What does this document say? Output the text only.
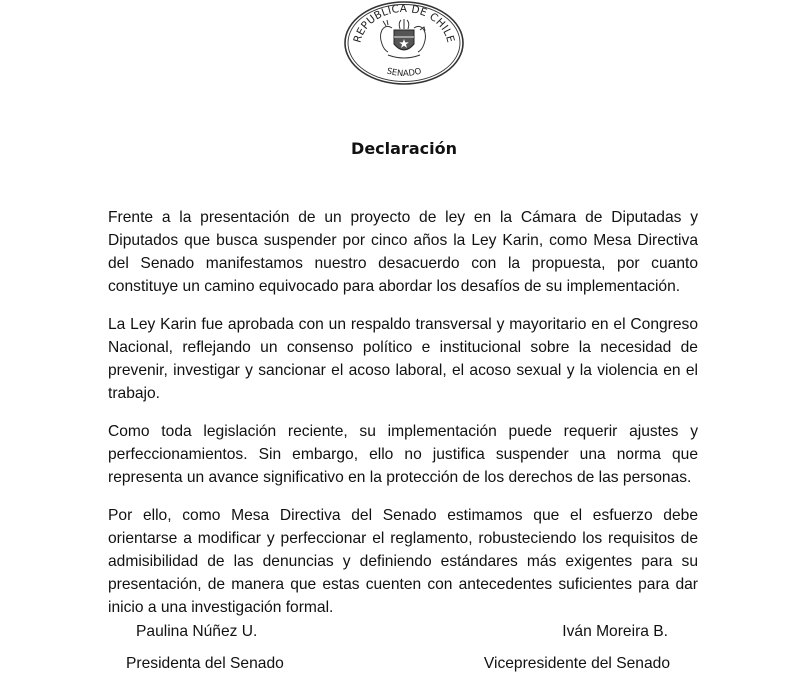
REPUBLICA DE CHILE
SENADO
Declaración

Frente a la presentación de un proyecto de ley en la Cámara de Diputadas y Diputados que busca suspender por cinco años la Ley Karin, como Mesa Directiva del Senado manifestamos nuestro desacuerdo con la propuesta, por cuanto constituye un camino equivocado para abordar los desafíos de su implementación.

La Ley Karin fue aprobada con un respaldo transversal y mayoritario en el Congreso Nacional, reflejando un consenso político e institucional sobre la necesidad de prevenir, investigar y sancionar el acoso laboral, el acoso sexual y la violencia en el trabajo.

Como toda legislación reciente, su implementación puede requerir ajustes y perfeccionamientos. Sin embargo, ello no justifica suspender una norma que representa un avance significativo en la protección de los derechos de las personas.

Por ello, como Mesa Directiva del Senado estimamos que el esfuerzo debe orientarse a modificar y perfeccionar el reglamento, robusteciendo los requisitos de admisibilidad de las denuncias y definiendo estándares más exigentes para su presentación, de manera que estas cuenten con antecedentes suficientes para dar inicio a una investigación formal.

Paulina Núñez U.
Presidenta del Senado
Iván Moreira B.
Vicepresidente del Senado
